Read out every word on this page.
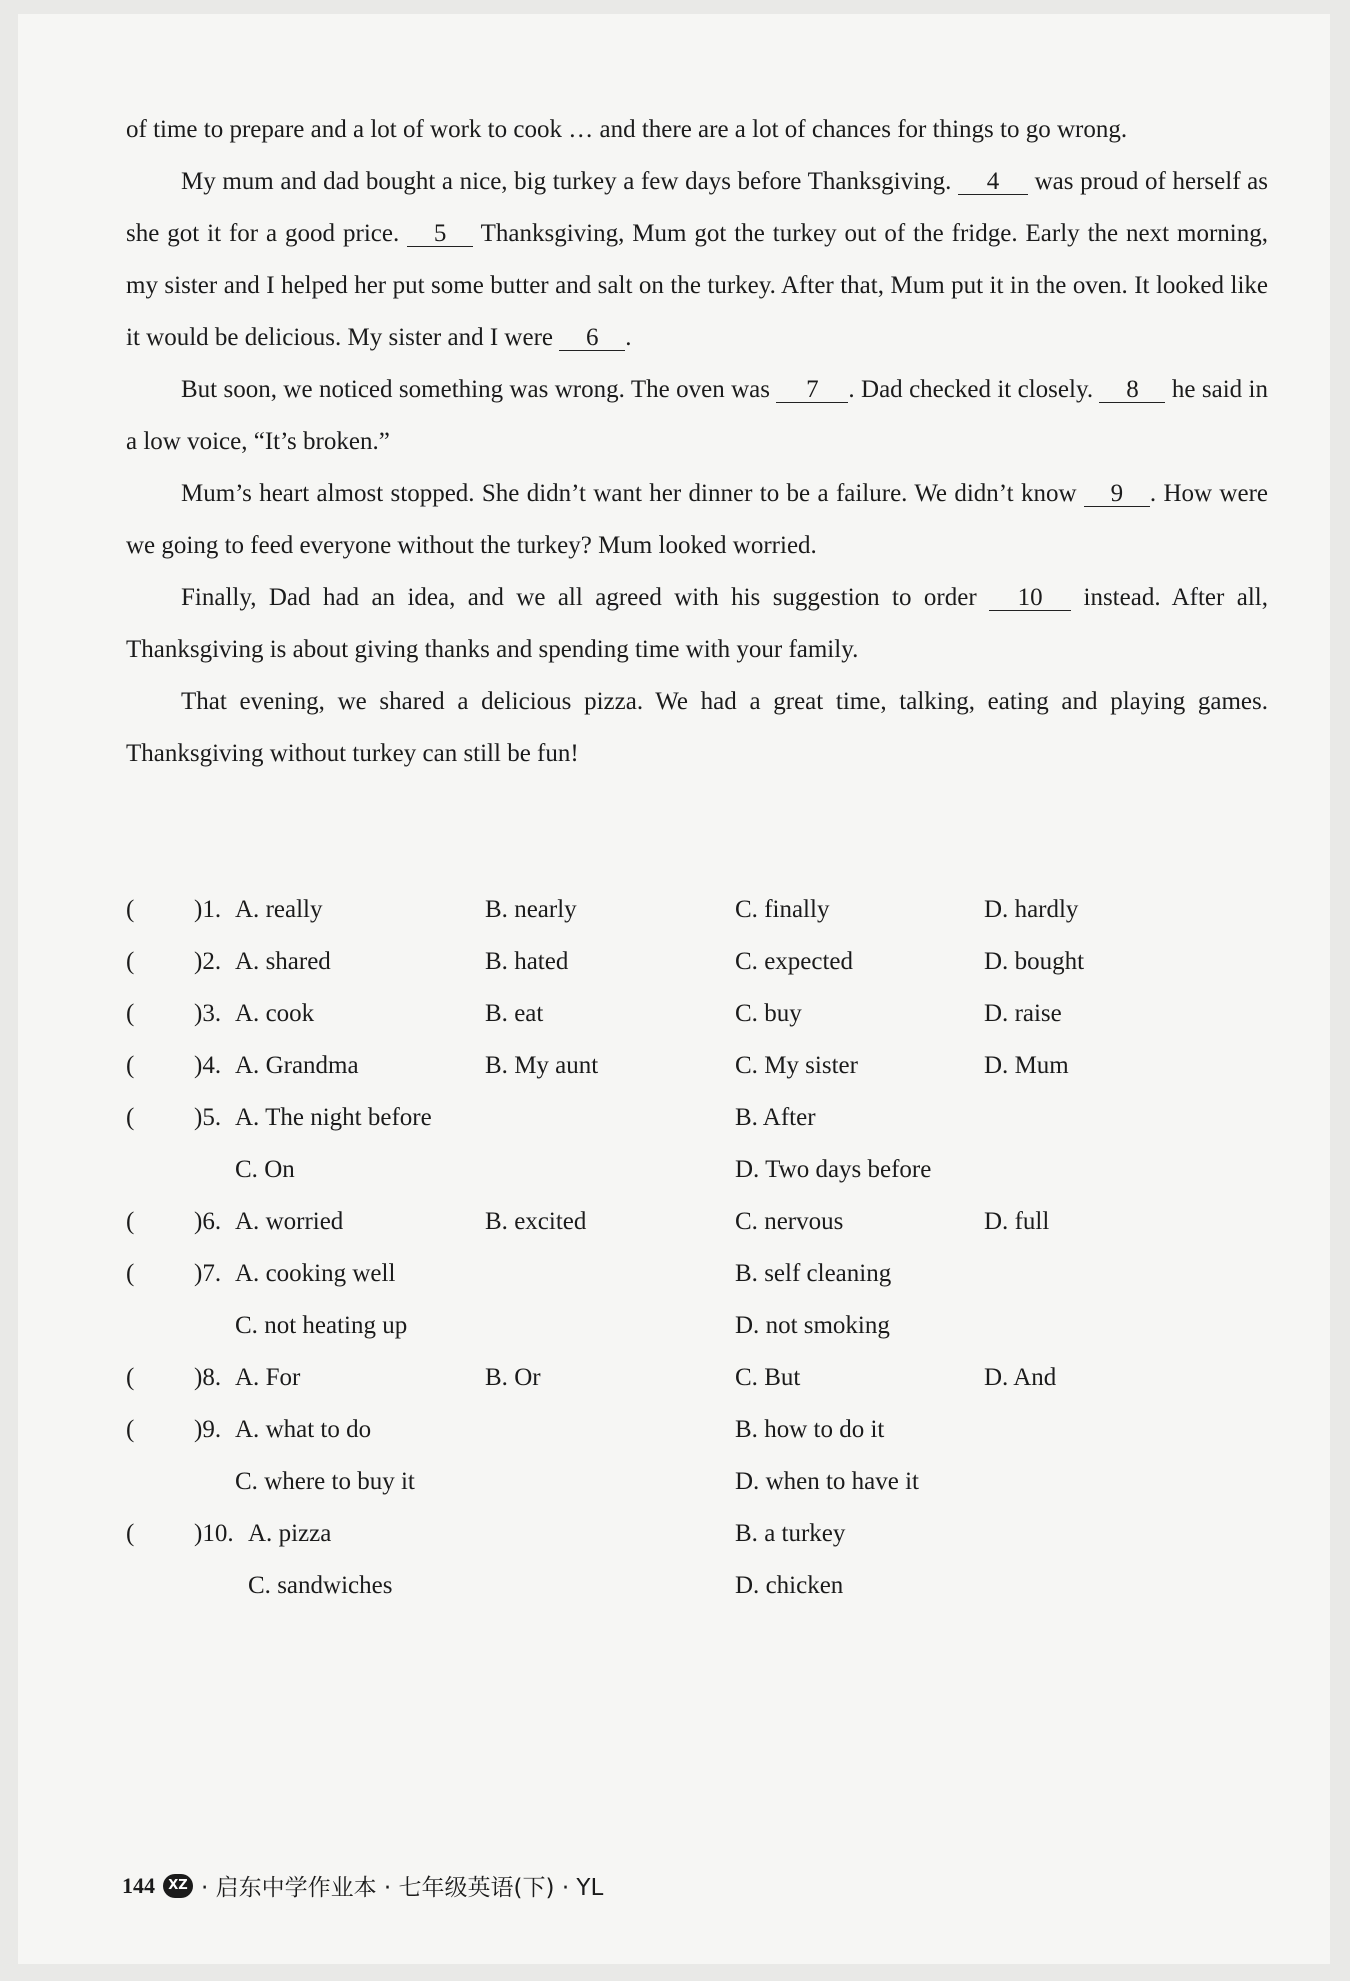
of time to prepare and a lot of work to cook … and there are a lot of chances for things to go wrong.

My mum and dad bought a nice, big turkey a few days before Thanksgiving. 4 was proud of herself as she got it for a good price. 5 Thanksgiving, Mum got the turkey out of the fridge. Early the next morning, my sister and I helped her put some butter and salt on the turkey. After that, Mum put it in the oven. It looked like it would be delicious. My sister and I were 6 .

But soon, we noticed something was wrong. The oven was 7 . Dad checked it closely. 8 he said in a low voice, “It’s broken.”

Mum’s heart almost stopped. She didn’t want her dinner to be a failure. We didn’t know 9 . How were we going to feed everyone without the turkey? Mum looked worried.

Finally, Dad had an idea, and we all agreed with his suggestion to order 10 instead. After all, Thanksgiving is about giving thanks and spending time with your family.

That evening, we shared a delicious pizza. We had a great time, talking, eating and playing games. Thanksgiving without turkey can still be fun!

( )1. A. really	B. nearly	C. finally	D. hardly
( )2. A. shared	B. hated	C. expected	D. bought
( )3. A. cook	B. eat	C. buy	D. raise
( )4. A. Grandma	B. My aunt	C. My sister	D. Mum
( )5. A. The night before	B. After
C. On	D. Two days before
( )6. A. worried	B. excited	C. nervous	D. full
( )7. A. cooking well	B. self cleaning
C. not heating up	D. not smoking
( )8. A. For	B. Or	C. But	D. And
( )9. A. what to do	B. how to do it
C. where to buy it	D. when to have it
( )10. A. pizza	B. a turkey
C. sandwiches	D. chicken
144	XZ · 启东中学作业本 · 七年级英语(下) · YL
